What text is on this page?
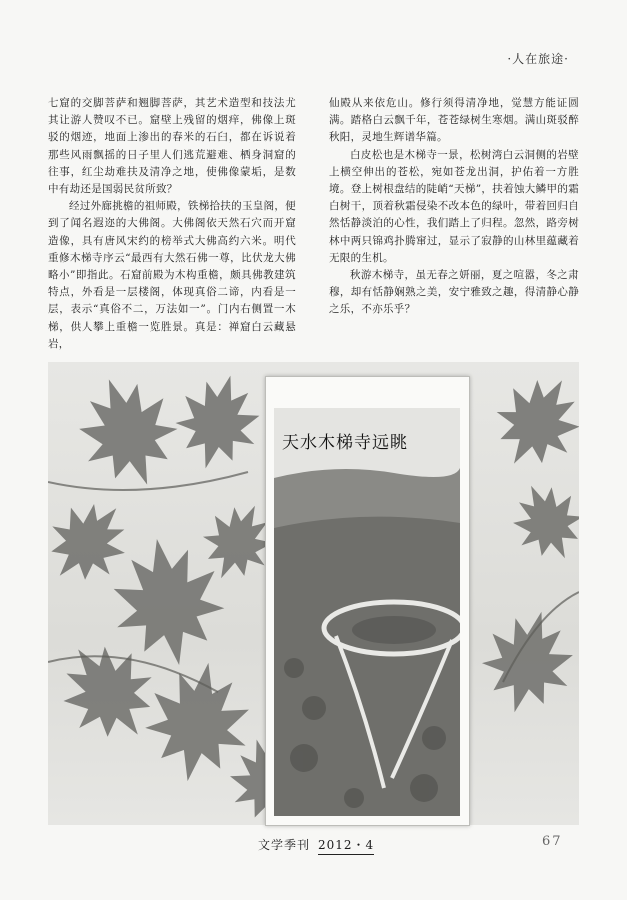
·人在旅途·

七窟的交脚菩萨和翘脚菩萨，其艺术造型和技法尤其让游人赞叹不已。窟壁上残留的烟痒，佛像上斑驳的烟迹，地面上渗出的春米的石臼，都在诉说着那些风雨飘摇的日子里人们逃荒避难、栖身洞窟的往事，红尘劫难扶及清净之地，使佛像蒙垢，是数中有劫还是国弱民贫所致？

经过外廊挑檐的祖师殿，铁梯拾扶的玉皇阁，便到了闻名遐迩的大佛阁。大佛阁依天然石穴而开窟造像，具有唐风宋约的榜举式大佛高约六米。明代重修木梯寺序云“最西有大然石佛一尊，比伏龙大佛略小”即指此。石窟前殿为木构重檐，颇具佛教建筑特点，外看是一层楼阁，体现真俗二谛，内看是一层，表示“真俗不二，万法如一”。门内右侧置一木梯，供人攀上重檐一览胜景。真是：禅窟白云藏悬岩，

仙殿从来依危山。修行须得清净地，觉慧方能证圆满。踏格白云飘千年，苍苍绿树生寒烟。满山斑驳醉秋阳，灵地生辉谱华篇。

白皮松也是木梯寺一景，松树湾白云洞侧的岩壁上横空伸出的苍松，宛如苍龙出洞，护佑着一方胜境。登上树根盘结的陡峭“天梯”，扶着蚀大鳞甲的霜白树干，顶着秋霜侵染不改本色的绿叶，带着回归自然恬静淡泊的心性，我们踏上了归程。忽然，路旁树林中两只锦鸡扑腾窜过，显示了寂静的山林里蕴藏着无限的生机。

秋游木梯寺，虽无春之妍丽，夏之喧嚣，冬之肃穆，却有恬静娴熟之美，安宁雅致之趣，得清静心静之乐，不亦乐乎？

天水木梯寺远眺
文学季刊 2012・4	67
